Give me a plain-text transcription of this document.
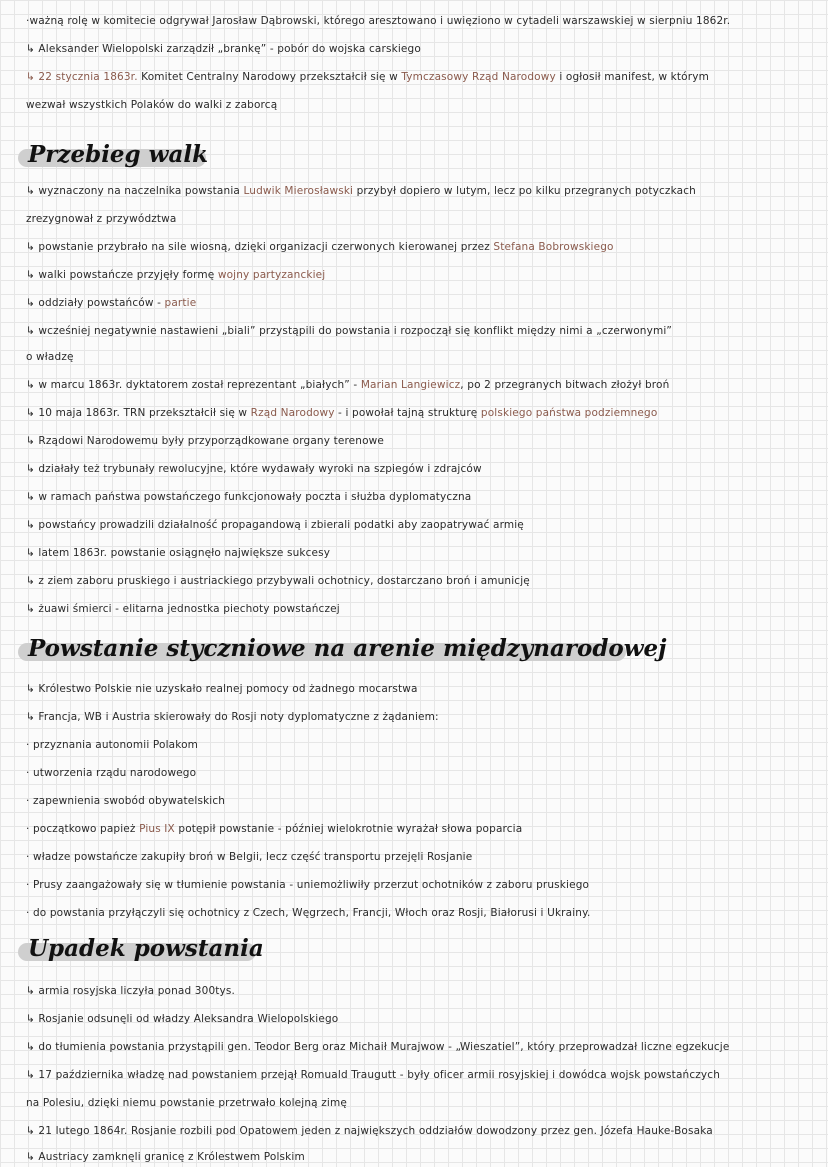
·ważną rolę w komitecie odgrywał Jarosław Dąbrowski, którego aresztowano i uwięziono w cytadeli warszawskiej w sierpniu 1862r.
↳ Aleksander Wielopolski zarządził „brankę” - pobór do wojska carskiego
↳ 22 stycznia 1863r. Komitet Centralny Narodowy przekształcił się w Tymczasowy Rząd Narodowy i ogłosił manifest, w którym
wezwał wszystkich Polaków do walki z zaborcą
Przebieg walk
↳ wyznaczony na naczelnika powstania Ludwik Mierosławski przybył dopiero w lutym, lecz po kilku przegranych potyczkach
zrezygnował z przywództwa
↳ powstanie przybrało na sile wiosną, dzięki organizacji czerwonych kierowanej przez Stefana Bobrowskiego
↳ walki powstańcze przyjęły formę wojny partyzanckiej
↳ oddziały powstańców - partie
↳ wcześniej negatywnie nastawieni „biali” przystąpili do powstania i rozpoczął się konflikt między nimi a „czerwonymi”
o władzę
↳ w marcu 1863r. dyktatorem został reprezentant „białych” - Marian Langiewicz, po 2 przegranych bitwach złożył broń
↳ 10 maja 1863r. TRN przekształcił się w Rząd Narodowy - i powołał tajną strukturę polskiego państwa podziemnego
↳ Rządowi Narodowemu były przyporządkowane organy terenowe
↳ działały też trybunały rewolucyjne, które wydawały wyroki na szpiegów i zdrajców
↳ w ramach państwa powstańczego funkcjonowały poczta i służba dyplomatyczna
↳ powstańcy prowadzili działalność propagandową i zbierali podatki aby zaopatrywać armię
↳ latem 1863r. powstanie osiągnęło największe sukcesy
↳ z ziem zaboru pruskiego i austriackiego przybywali ochotnicy, dostarczano broń i amunicję
↳ żuawi śmierci - elitarna jednostka piechoty powstańczej
Powstanie styczniowe na arenie międzynarodowej
↳ Królestwo Polskie nie uzyskało realnej pomocy od żadnego mocarstwa
↳ Francja, WB i Austria skierowały do Rosji noty dyplomatyczne z żądaniem:
· przyznania autonomii Polakom
· utworzenia rządu narodowego
· zapewnienia swobód obywatelskich
· początkowo papież Pius IX potępił powstanie - później wielokrotnie wyrażał słowa poparcia
· władze powstańcze zakupiły broń w Belgii, lecz część transportu przejęli Rosjanie
· Prusy zaangażowały się w tłumienie powstania - uniemożliwiły przerzut ochotników z zaboru pruskiego
· do powstania przyłączyli się ochotnicy z Czech, Węgrzech, Francji, Włoch oraz Rosji, Białorusi i Ukrainy.
Upadek powstania
↳ armia rosyjska liczyła ponad 300tys.
↳ Rosjanie odsunęli od władzy Aleksandra Wielopolskiego
↳ do tłumienia powstania przystąpili gen. Teodor Berg oraz Michaił Murajwow - „Wieszatiel”, który przeprowadzał liczne egzekucje
↳ 17 października władzę nad powstaniem przejął Romuald Traugutt - były oficer armii rosyjskiej i dowódca wojsk powstańczych
na Polesiu, dzięki niemu powstanie przetrwało kolejną zimę
↳ 21 lutego 1864r. Rosjanie rozbili pod Opatowem jeden z największych oddziałów dowodzony przez gen. Józefa Hauke-Bosaka
↳ Austriacy zamknęli granicę z Królestwem Polskim
